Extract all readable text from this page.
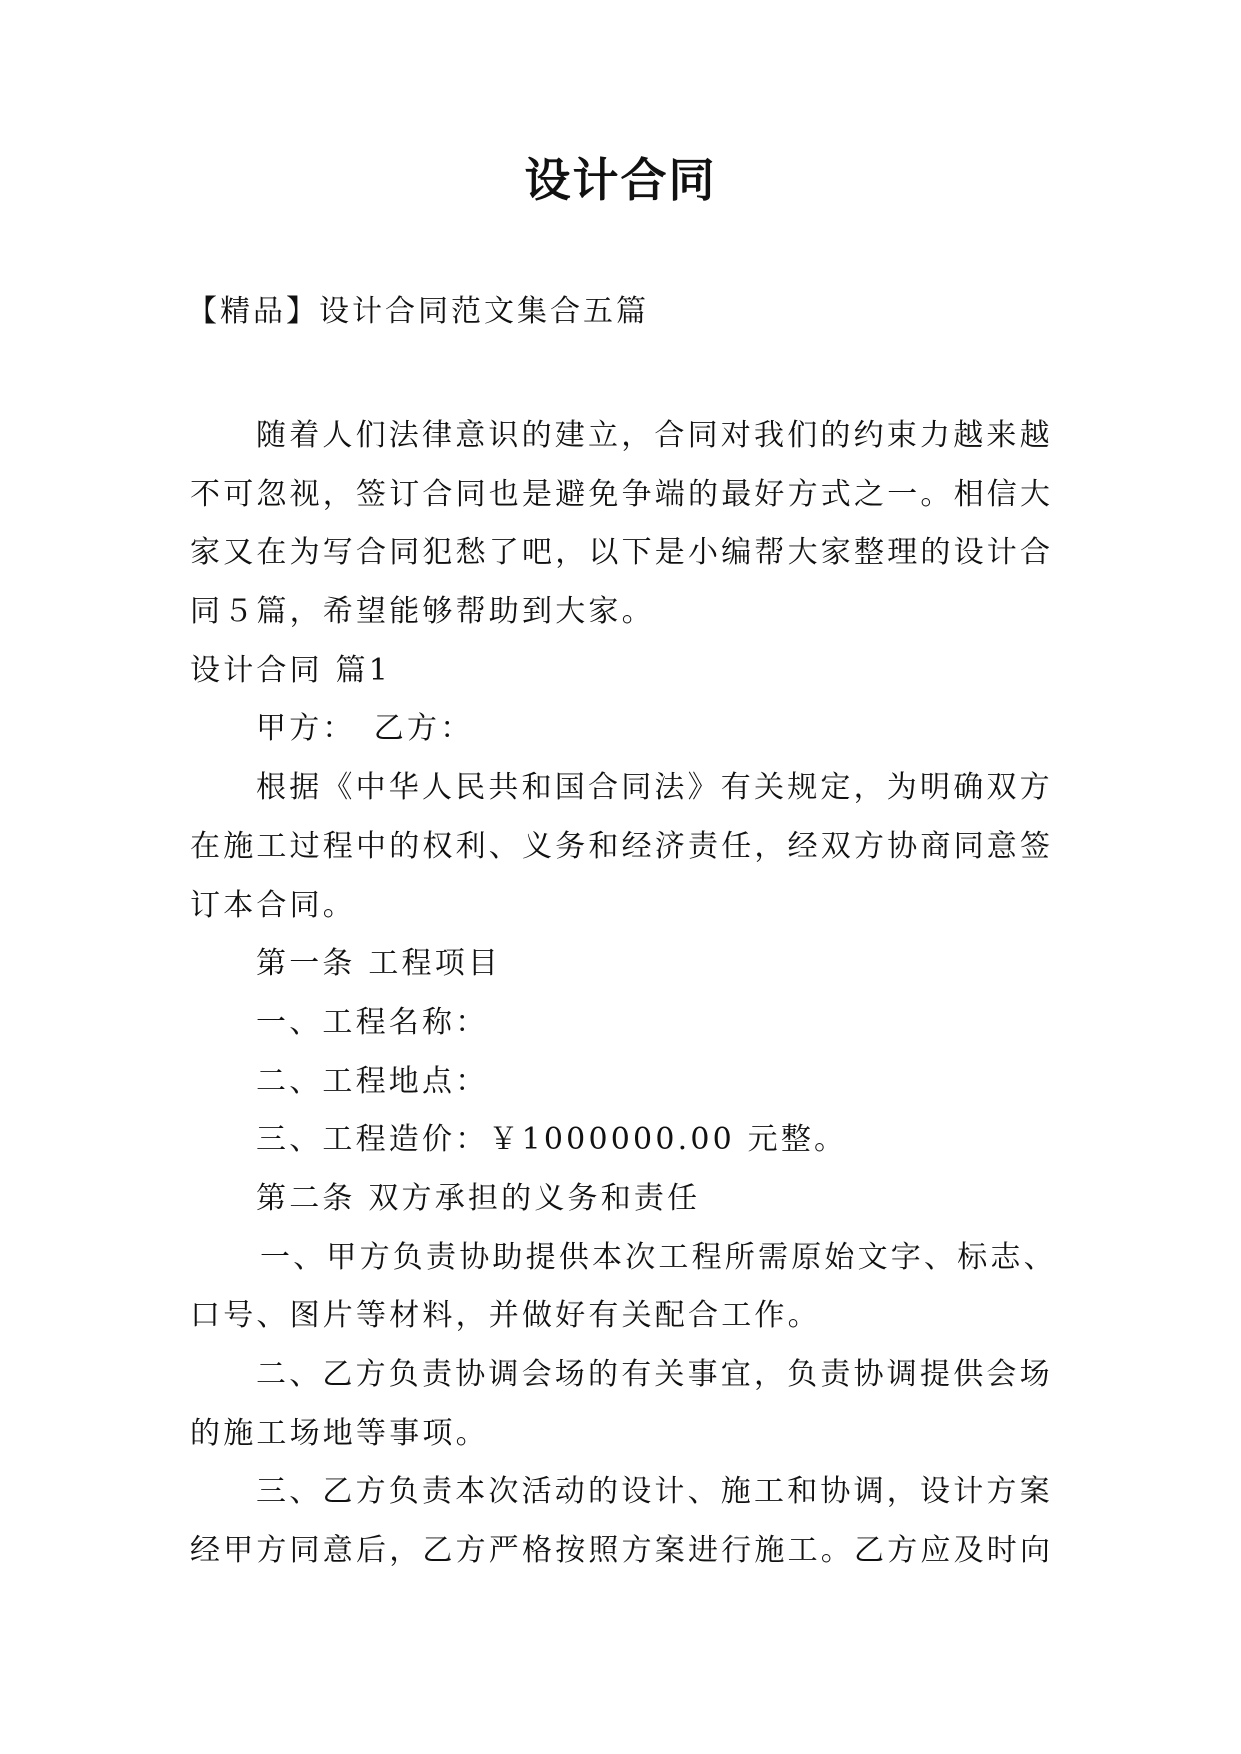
设计合同

【精品】设计合同范文集合五篇

随着人们法律意识的建立，合同对我们的约束力越来越
不可忽视，签订合同也是避免争端的最好方式之一。相信大
家又在为写合同犯愁了吧，以下是小编帮大家整理的设计合
同５篇，希望能够帮助到大家。
设计合同 篇1
甲方：　乙方：
根据《中华人民共和国合同法》有关规定，为明确双方
在施工过程中的权利、义务和经济责任，经双方协商同意签
订本合同。
第一条 工程项目
一、工程名称：
二、工程地点：
三、工程造价：￥1000000.00 元整。
第二条 双方承担的义务和责任
一、甲方负责协助提供本次工程所需原始文字、标志、
口号、图片等材料，并做好有关配合工作。
二、乙方负责协调会场的有关事宜，负责协调提供会场
的施工场地等事项。
三、乙方负责本次活动的设计、施工和协调，设计方案
经甲方同意后，乙方严格按照方案进行施工。乙方应及时向
